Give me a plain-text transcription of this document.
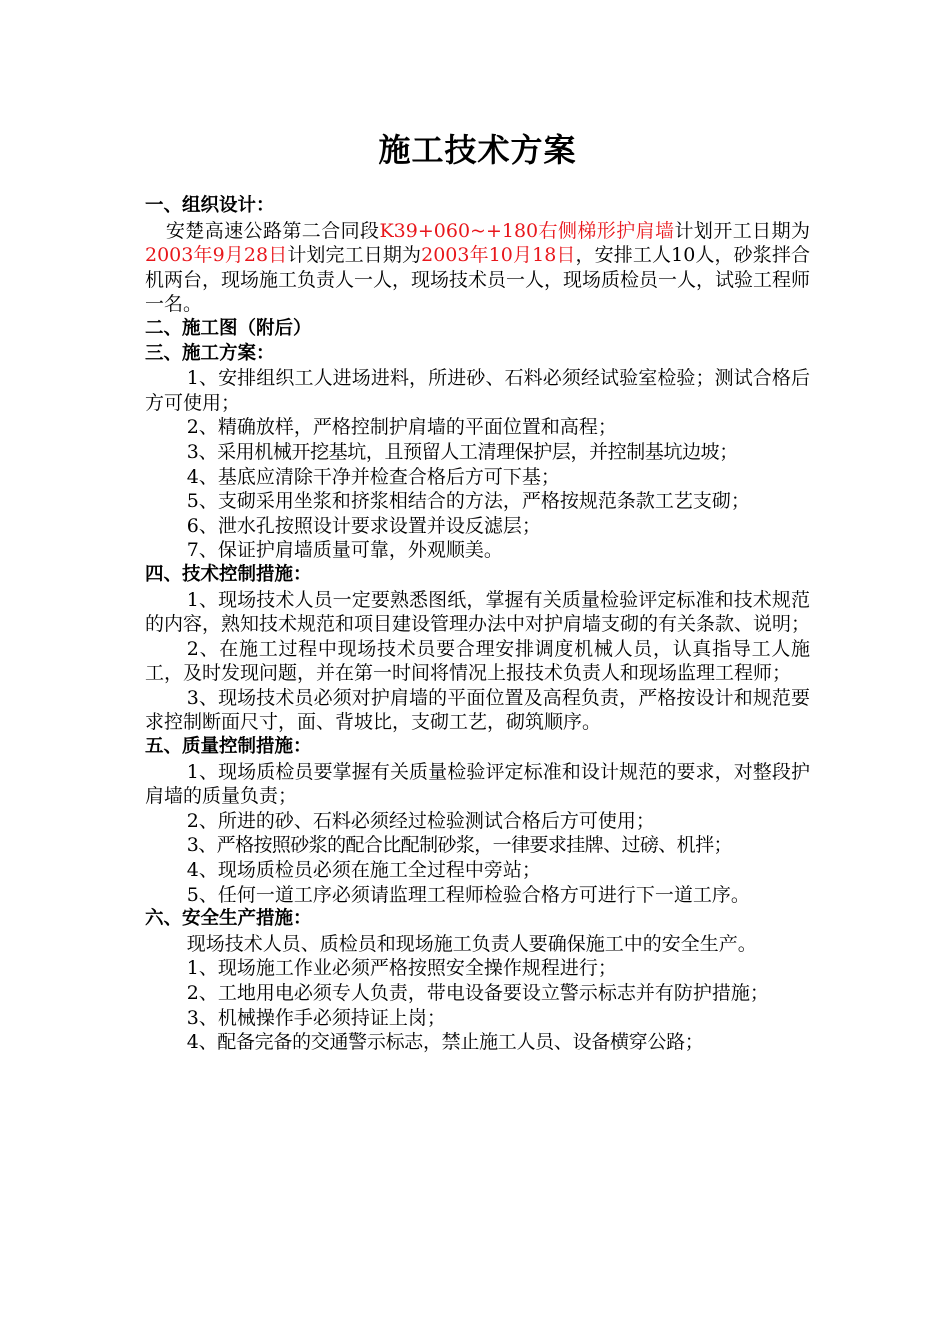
施工技术方案
一、组织设计：
安楚高速公路第二合同段K39+060~+180右侧梯形护肩墙计划开工日期为2003年9月28日计划完工日期为2003年10月18日，安排工人10人，砂浆拌合机两台，现场施工负责人一人，现场技术员一人，现场质检员一人，试验工程师一名。
二、施工图（附后）
三、施工方案：
1、安排组织工人进场进料，所进砂、石料必须经试验室检验；测试合格后方可使用；
2、精确放样，严格控制护肩墙的平面位置和高程；
3、采用机械开挖基坑，且预留人工清理保护层，并控制基坑边坡；
4、基底应清除干净并检查合格后方可下基；
5、支砌采用坐浆和挤浆相结合的方法，严格按规范条款工艺支砌；
6、泄水孔按照设计要求设置并设反滤层；
7、保证护肩墙质量可靠，外观顺美。
四、技术控制措施：
1、现场技术人员一定要熟悉图纸，掌握有关质量检验评定标准和技术规范的内容，熟知技术规范和项目建设管理办法中对护肩墙支砌的有关条款、说明；
2、在施工过程中现场技术员要合理安排调度机械人员，认真指导工人施工，及时发现问题，并在第一时间将情况上报技术负责人和现场监理工程师；
3、现场技术员必须对护肩墙的平面位置及高程负责，严格按设计和规范要求控制断面尺寸，面、背坡比，支砌工艺，砌筑顺序。
五、质量控制措施：
1、现场质检员要掌握有关质量检验评定标准和设计规范的要求，对整段护肩墙的质量负责；
2、所进的砂、石料必须经过检验测试合格后方可使用；
3、严格按照砂浆的配合比配制砂浆，一律要求挂牌、过磅、机拌；
4、现场质检员必须在施工全过程中旁站；
5、任何一道工序必须请监理工程师检验合格方可进行下一道工序。
六、安全生产措施：
现场技术人员、质检员和现场施工负责人要确保施工中的安全生产。
1、现场施工作业必须严格按照安全操作规程进行；
2、工地用电必须专人负责，带电设备要设立警示标志并有防护措施；
3、机械操作手必须持证上岗；
4、配备完备的交通警示标志，禁止施工人员、设备横穿公路；
